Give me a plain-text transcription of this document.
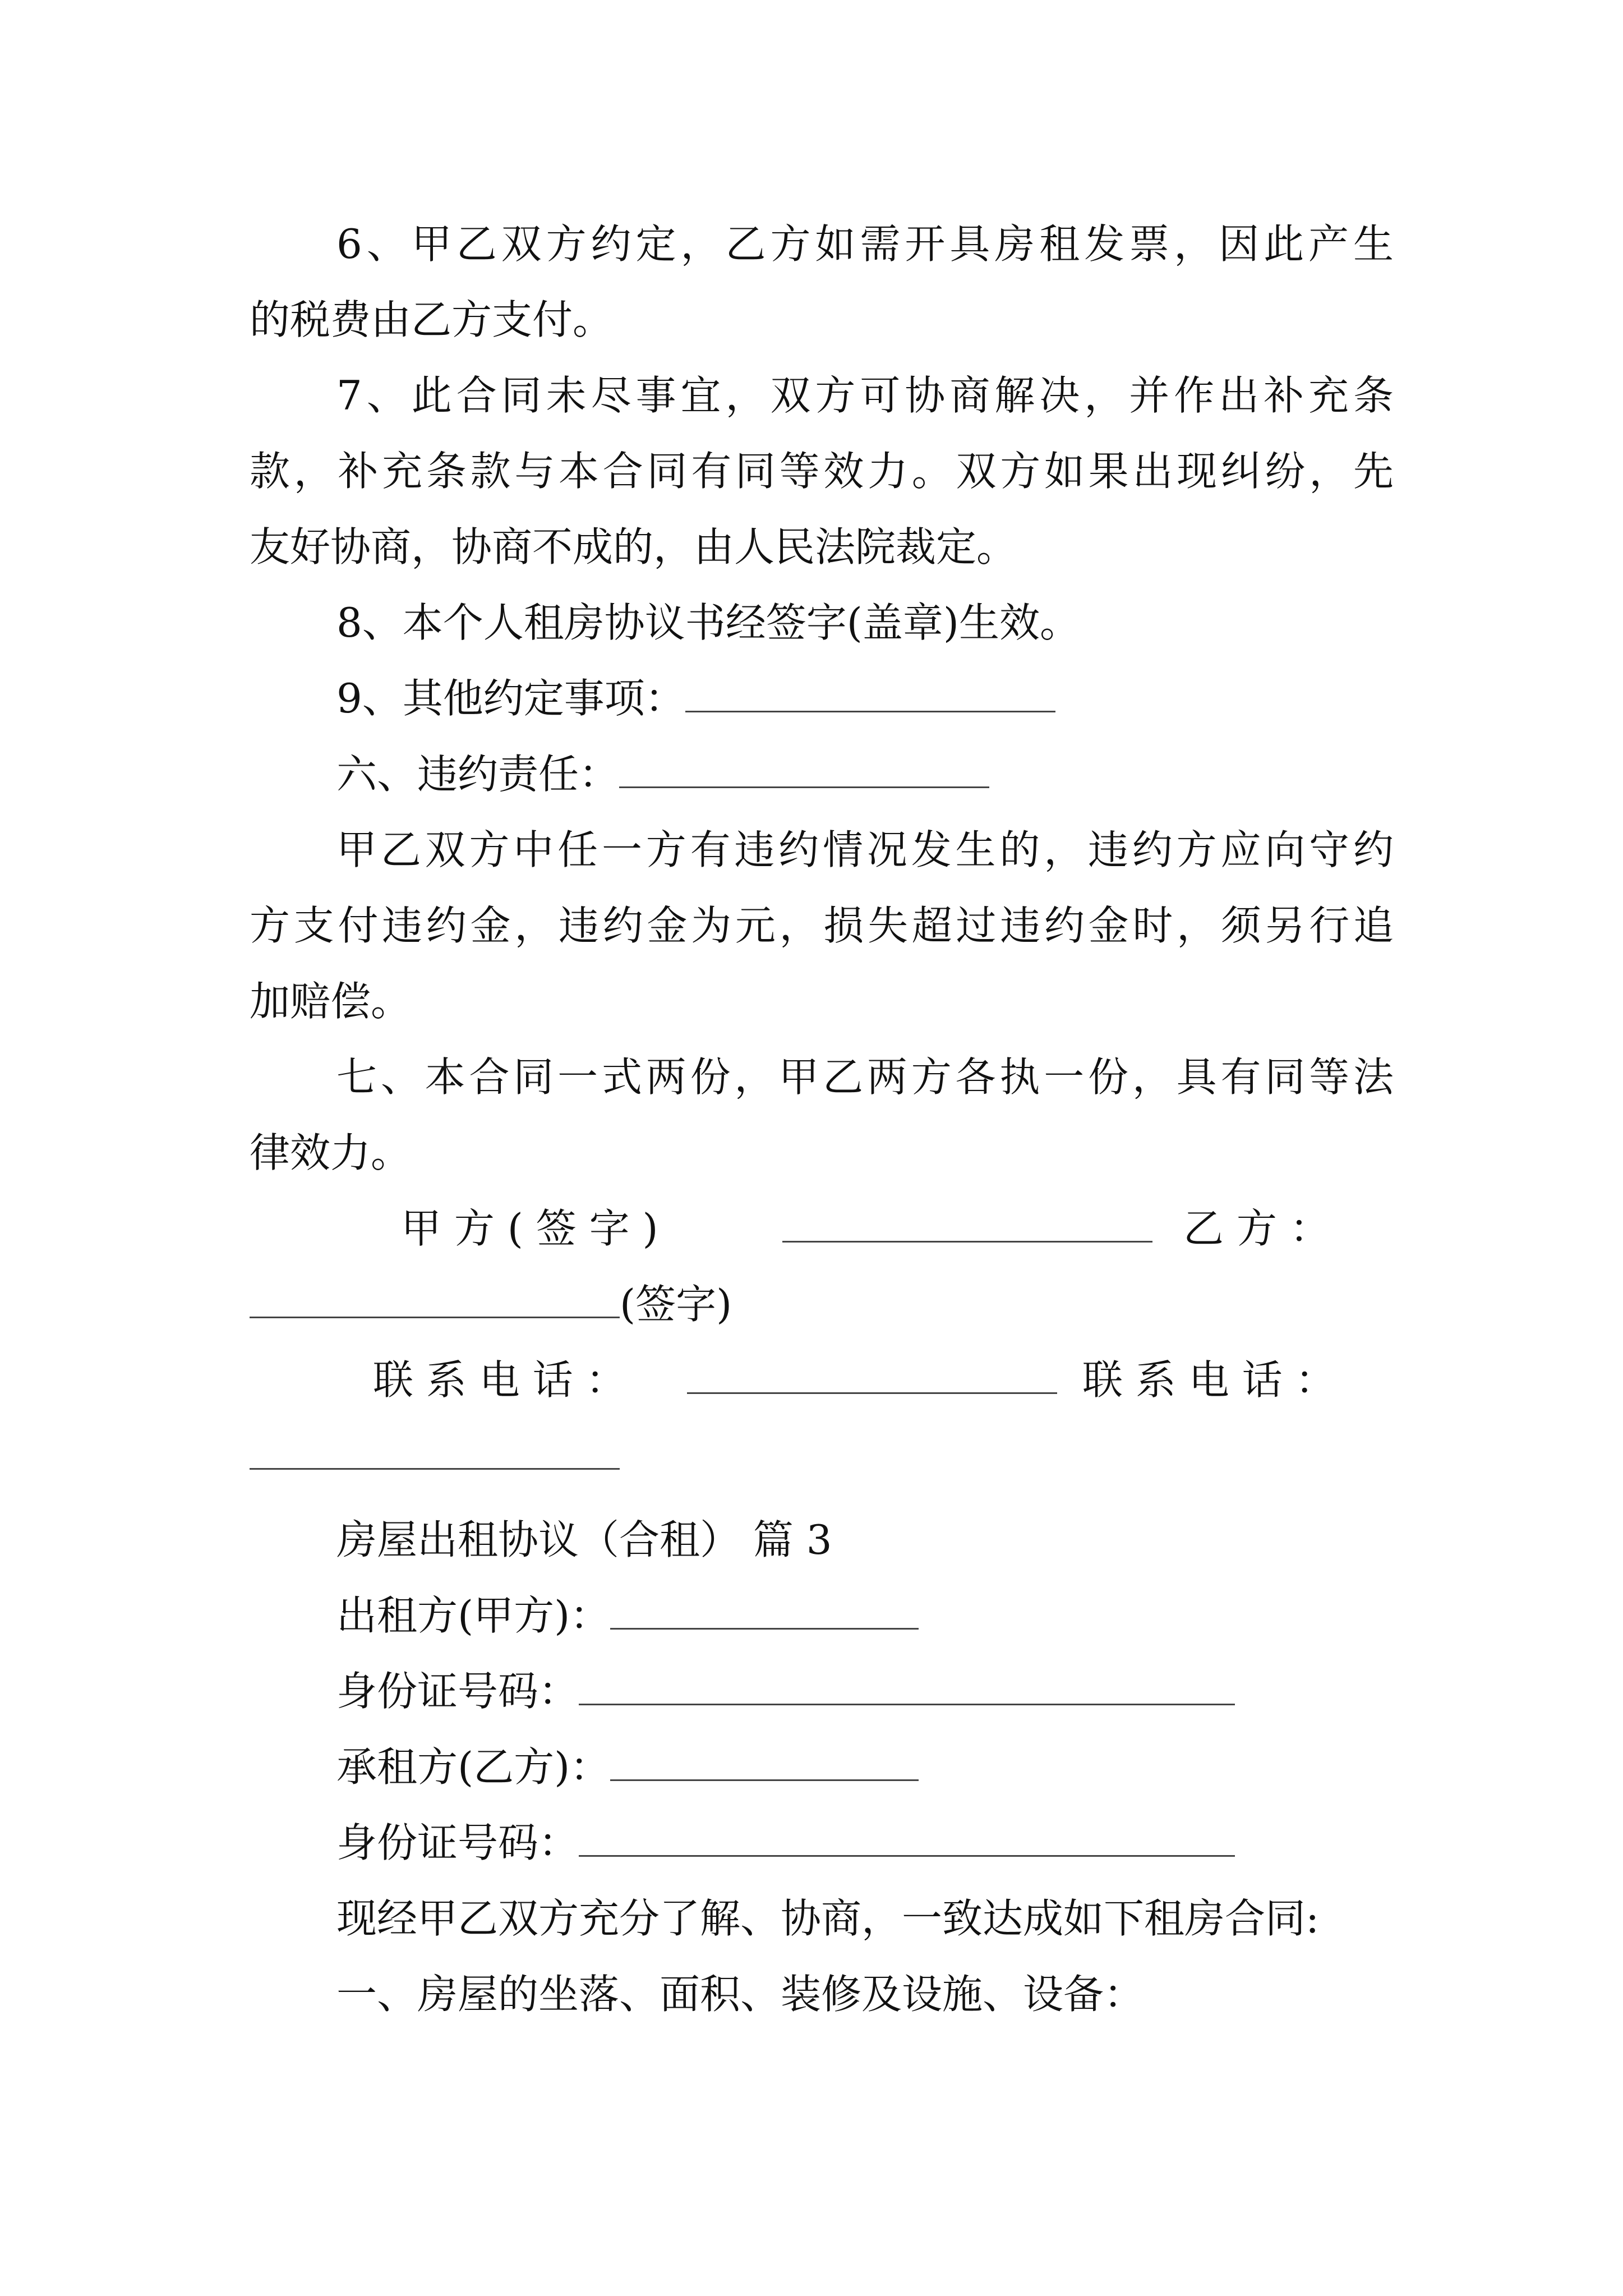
6、甲乙双方约定，乙方如需开具房租发票，因此产生
的税费由乙方支付。
7、此合同未尽事宜，双方可协商解决，并作出补充条
款，补充条款与本合同有同等效力。双方如果出现纠纷，先
友好协商，协商不成的，由人民法院裁定。
8、本个人租房协议书经签字(盖章)生效。
9、其他约定事项：
六、违约责任：
甲乙双方中任一方有违约情况发生的，违约方应向守约
方支付违约金，违约金为元，损失超过违约金时，须另行追
加赔偿。
七、本合同一式两份，甲乙两方各执一份，具有同等法
律效力。
甲 方 ( 签 字 )	乙 方 ：
(签字)
联 系 电 话 ：	联 系 电 话 ：
房屋出租协议（合租） 篇 3
出租方(甲方)：
身份证号码：
承租方(乙方)：
身份证号码：
现经甲乙双方充分了解、协商，一致达成如下租房合同:
一、房屋的坐落、面积、装修及设施、设备：
